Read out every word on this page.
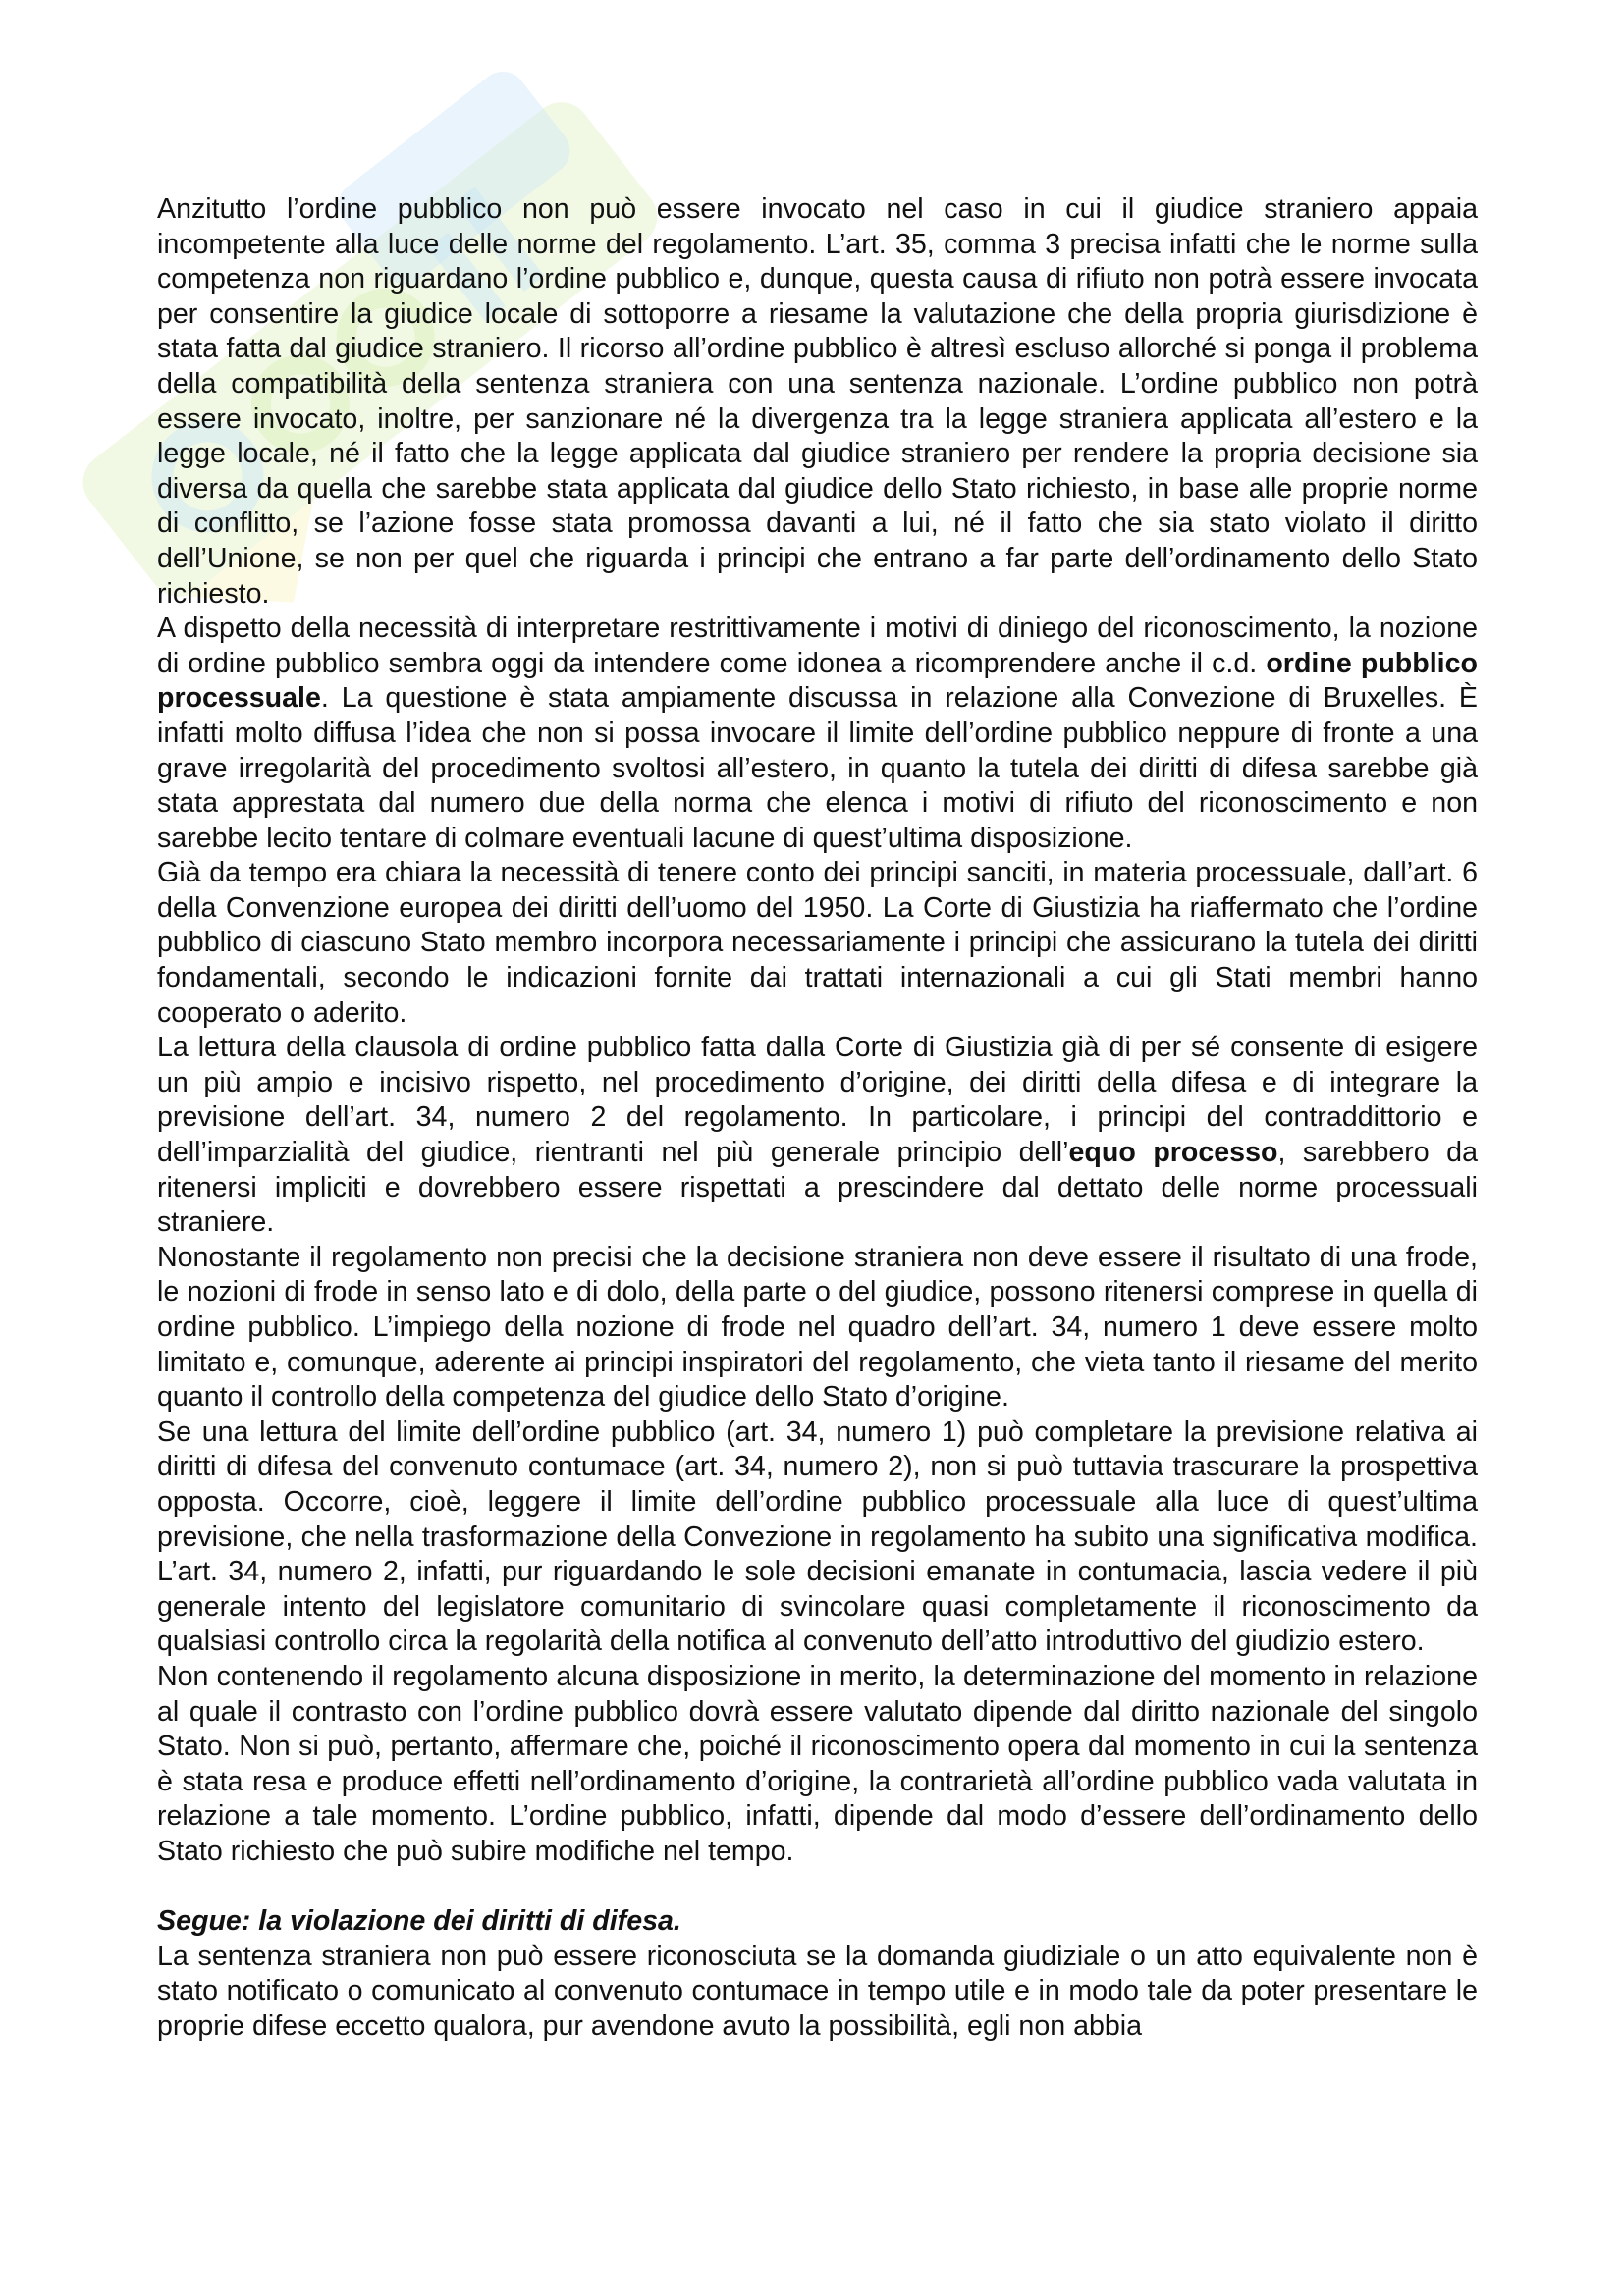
Anzitutto l’ordine pubblico non può essere invocato nel caso in cui il giudice straniero appaia incompetente alla luce delle norme del regolamento. L’art. 35, comma 3 precisa infatti che le norme sulla competenza non riguardano l’ordine pubblico e, dunque, questa causa di rifiuto non potrà essere invocata per consentire la giudice locale di sottoporre a riesame la valutazione che della propria giurisdizione è stata fatta dal giudice straniero. Il ricorso all’ordine pubblico è altresì escluso allorché si ponga il problema della compatibilità della sentenza straniera con una sentenza nazionale. L’ordine pubblico non potrà essere invocato, inoltre, per sanzionare né la divergenza tra la legge straniera applicata all’estero e la legge locale, né il fatto che la legge applicata dal giudice straniero per rendere la propria decisione sia diversa da quella che sarebbe stata applicata dal giudice dello Stato richiesto, in base alle proprie norme di conflitto, se l’azione fosse stata promossa davanti a lui, né il fatto che sia stato violato il diritto dell’Unione, se non per quel che riguarda i principi che entrano a far parte dell’ordinamento dello Stato richiesto.

A dispetto della necessità di interpretare restrittivamente i motivi di diniego del riconoscimento, la nozione di ordine pubblico sembra oggi da intendere come idonea a ricomprendere anche il c.d. ordine pubblico processuale. La questione è stata ampiamente discussa in relazione alla Convezione di Bruxelles. È infatti molto diffusa l’idea che non si possa invocare il limite dell’ordine pubblico neppure di fronte a una grave irregolarità del procedimento svoltosi all’estero, in quanto la tutela dei diritti di difesa sarebbe già stata apprestata dal numero due della norma che elenca i motivi di rifiuto del riconoscimento e non sarebbe lecito tentare di colmare eventuali lacune di quest’ultima disposizione.

Già da tempo era chiara la necessità di tenere conto dei principi sanciti, in materia processuale, dall’art. 6 della Convenzione europea dei diritti dell’uomo del 1950. La Corte di Giustizia ha riaffermato che l’ordine pubblico di ciascuno Stato membro incorpora necessariamente i principi che assicurano la tutela dei diritti fondamentali, secondo le indicazioni fornite dai trattati internazionali a cui gli Stati membri hanno cooperato o aderito.

La lettura della clausola di ordine pubblico fatta dalla Corte di Giustizia già di per sé consente di esigere un più ampio e incisivo rispetto, nel procedimento d’origine, dei diritti della difesa e di integrare la previsione dell’art. 34, numero 2 del regolamento. In particolare, i principi del contraddittorio e dell’imparzialità del giudice, rientranti nel più generale principio dell’equo processo, sarebbero da ritenersi impliciti e dovrebbero essere rispettati a prescindere dal dettato delle norme processuali straniere.

Nonostante il regolamento non precisi che la decisione straniera non deve essere il risultato di una frode, le nozioni di frode in senso lato e di dolo, della parte o del giudice, possono ritenersi comprese in quella di ordine pubblico. L’impiego della nozione di frode nel quadro dell’art. 34, numero 1 deve essere molto limitato e, comunque, aderente ai principi inspiratori del regolamento, che vieta tanto il riesame del merito quanto il controllo della competenza del giudice dello Stato d’origine.

Se una lettura del limite dell’ordine pubblico (art. 34, numero 1) può completare la previsione relativa ai diritti di difesa del convenuto contumace (art. 34, numero 2), non si può tuttavia trascurare la prospettiva opposta. Occorre, cioè, leggere il limite dell’ordine pubblico processuale alla luce di quest’ultima previsione, che nella trasformazione della Convezione in regolamento ha subito una significativa modifica. L’art. 34, numero 2, infatti, pur riguardando le sole decisioni emanate in contumacia, lascia vedere il più generale intento del legislatore comunitario di svincolare quasi completamente il riconoscimento da qualsiasi controllo circa la regolarità della notifica al convenuto dell’atto introduttivo del giudizio estero.

Non contenendo il regolamento alcuna disposizione in merito, la determinazione del momento in relazione al quale il contrasto con l’ordine pubblico dovrà essere valutato dipende dal diritto nazionale del singolo Stato. Non si può, pertanto, affermare che, poiché il riconoscimento opera dal momento in cui la sentenza è stata resa e produce effetti nell’ordinamento d’origine, la contrarietà all’ordine pubblico vada valutata in relazione a tale momento. L’ordine pubblico, infatti, dipende dal modo d’essere dell’ordinamento dello Stato richiesto che può subire modifiche nel tempo.

Segue: la violazione dei diritti di difesa.

La sentenza straniera non può essere riconosciuta se la domanda giudiziale o un atto equivalente non è stato notificato o comunicato al convenuto contumace in tempo utile e in modo tale da poter presentare le proprie difese eccetto qualora, pur avendone avuto la possibilità, egli non abbia
